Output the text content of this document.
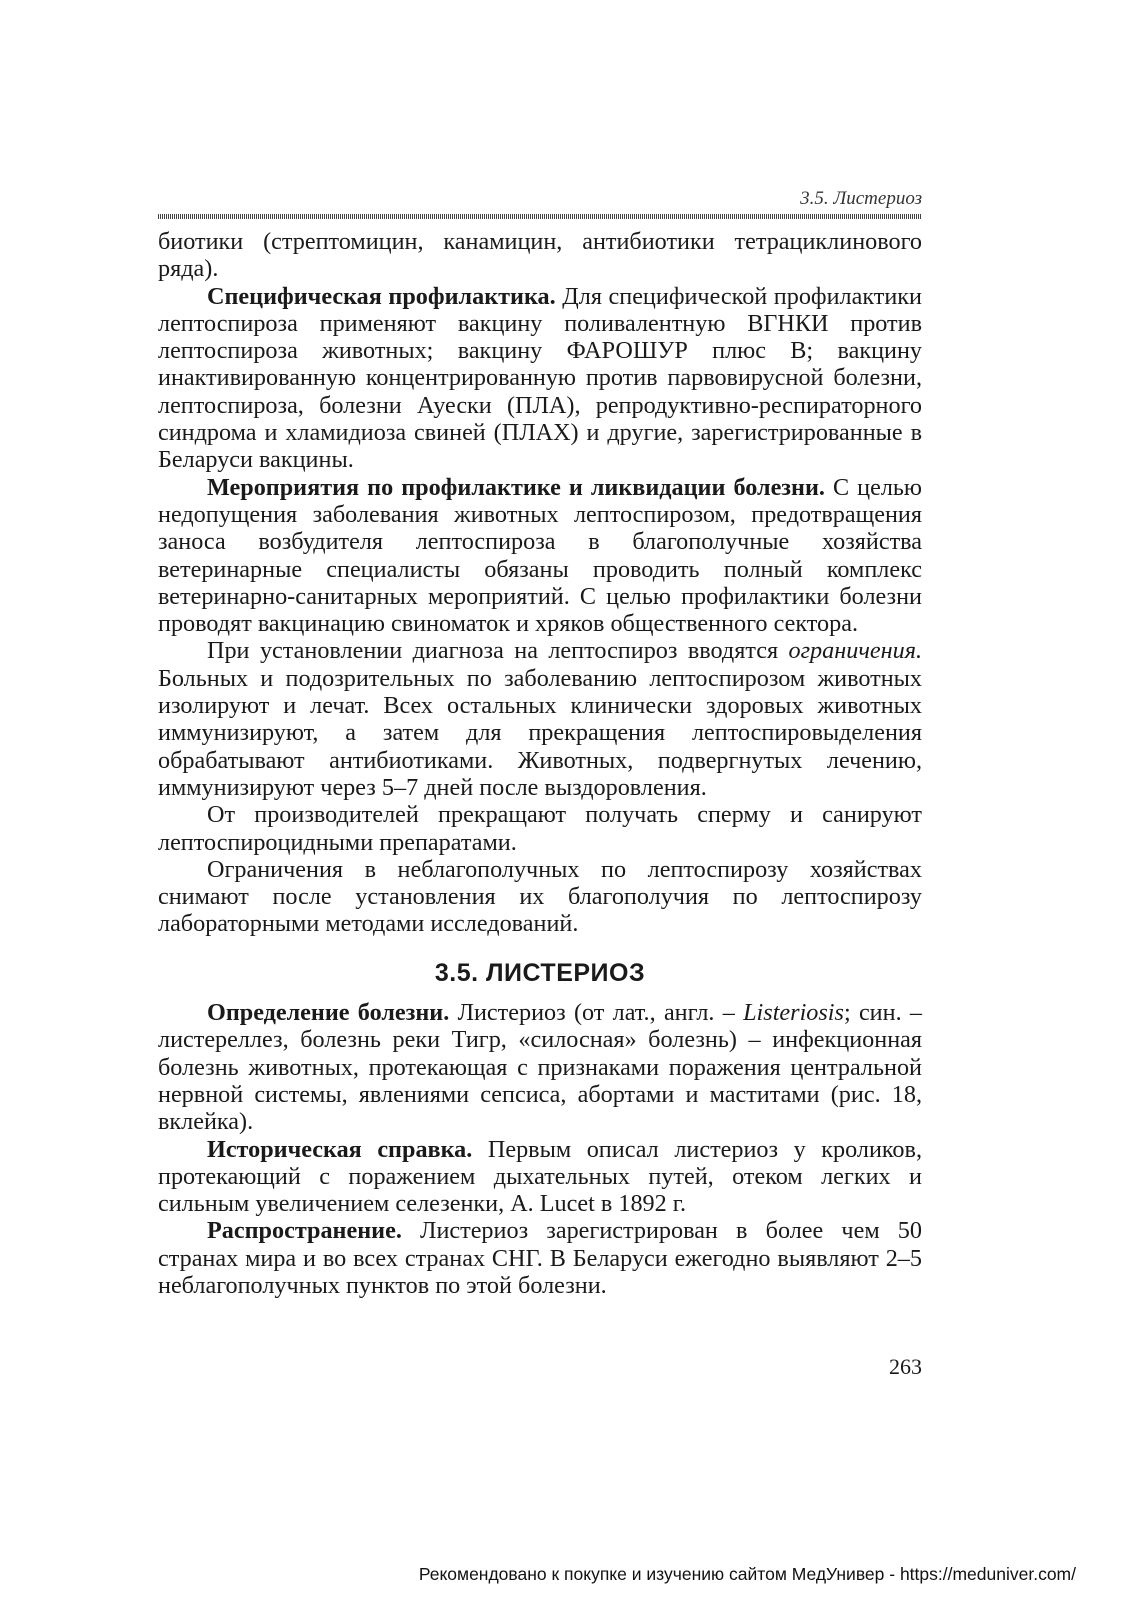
3.5. Листериоз

биотики (стрептомицин, канамицин, антибиотики тетрациклинового ряда).

Специфическая профилактика. Для специфической профилактики лептоспироза применяют вакцину поливалентную ВГНКИ против лептоспироза животных; вакцину ФАРОШУР плюс В; вакцину инактивированную концентрированную против парвовирусной болезни, лептоспироза, болезни Ауески (ПЛА), репродуктивно-респираторного синдрома и хламидиоза свиней (ПЛАХ) и другие, зарегистрированные в Беларуси вакцины.

Мероприятия по профилактике и ликвидации болезни. С целью недопущения заболевания животных лептоспирозом, предотвращения заноса возбудителя лептоспироза в благополучные хозяйства ветеринарные специалисты обязаны проводить полный комплекс ветеринарно-санитарных мероприятий. С целью профилактики болезни проводят вакцинацию свиноматок и хряков общественного сектора.

При установлении диагноза на лептоспироз вводятся ограничения. Больных и подозрительных по заболеванию лептоспирозом животных изолируют и лечат. Всех остальных клинически здоровых животных иммунизируют, а затем для прекращения лептоспировыделения обрабатывают антибиотиками. Животных, подвергнутых лечению, иммунизируют через 5–7 дней после выздоровления.

От производителей прекращают получать сперму и санируют лептоспироцидными препаратами.

Ограничения в неблагополучных по лептоспирозу хозяйствах снимают после установления их благополучия по лептоспирозу лабораторными методами исследований.

3.5. ЛИСТЕРИОЗ

Определение болезни. Листериоз (от лат., англ. – Listeriosis; син. – листереллез, болезнь реки Тигр, «силосная» болезнь) – инфекционная болезнь животных, протекающая с признаками поражения центральной нервной системы, явлениями сепсиса, абортами и маститами (рис. 18, вклейка).

Историческая справка. Первым описал листериоз у кроликов, протекающий с поражением дыхательных путей, отеком легких и сильным увеличением селезенки, A. Lucet в 1892 г.

Распространение. Листериоз зарегистрирован в более чем 50 странах мира и во всех странах СНГ. В Беларуси ежегодно выявляют 2–5 неблагополучных пунктов по этой болезни.

263
Рекомендовано к покупке и изучению сайтом МедУнивер - https://meduniver.com/
